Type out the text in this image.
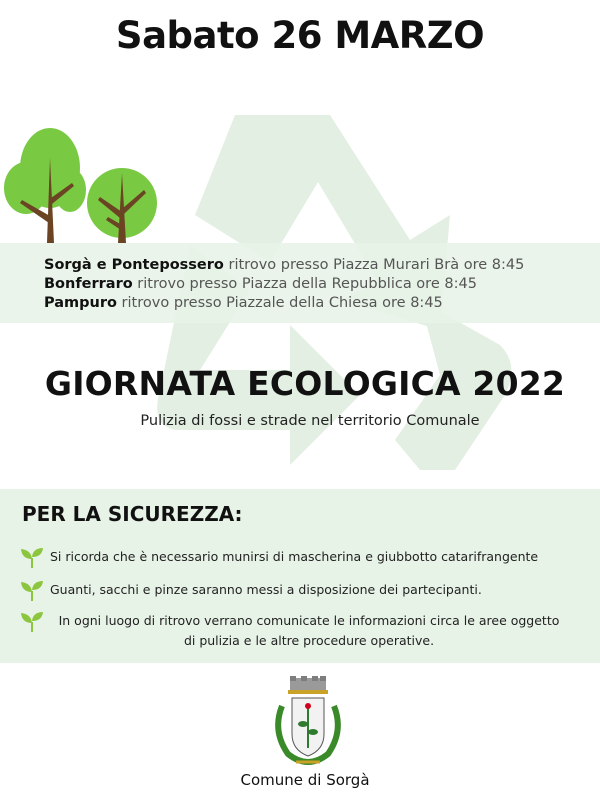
Sabato 26 MARZO
Sorgà e Pontepossero ritrovo presso Piazza Murari Brà ore 8:45
Bonferraro ritrovo presso Piazza della Repubblica ore 8:45
Pampuro ritrovo presso Piazzale della Chiesa ore 8:45
GIORNATA ECOLOGICA 2022
Pulizia di fossi e strade nel territorio Comunale
PER LA SICUREZZA:
Si ricorda che è necessario munirsi di mascherina e giubbotto catarifrangente
Guanti, sacchi e pinze saranno messi a disposizione dei partecipanti.
In ogni luogo di ritrovo verrano comunicate le informazioni circa le aree oggetto di pulizia e le altre procedure operative.
Comune di Sorgà
